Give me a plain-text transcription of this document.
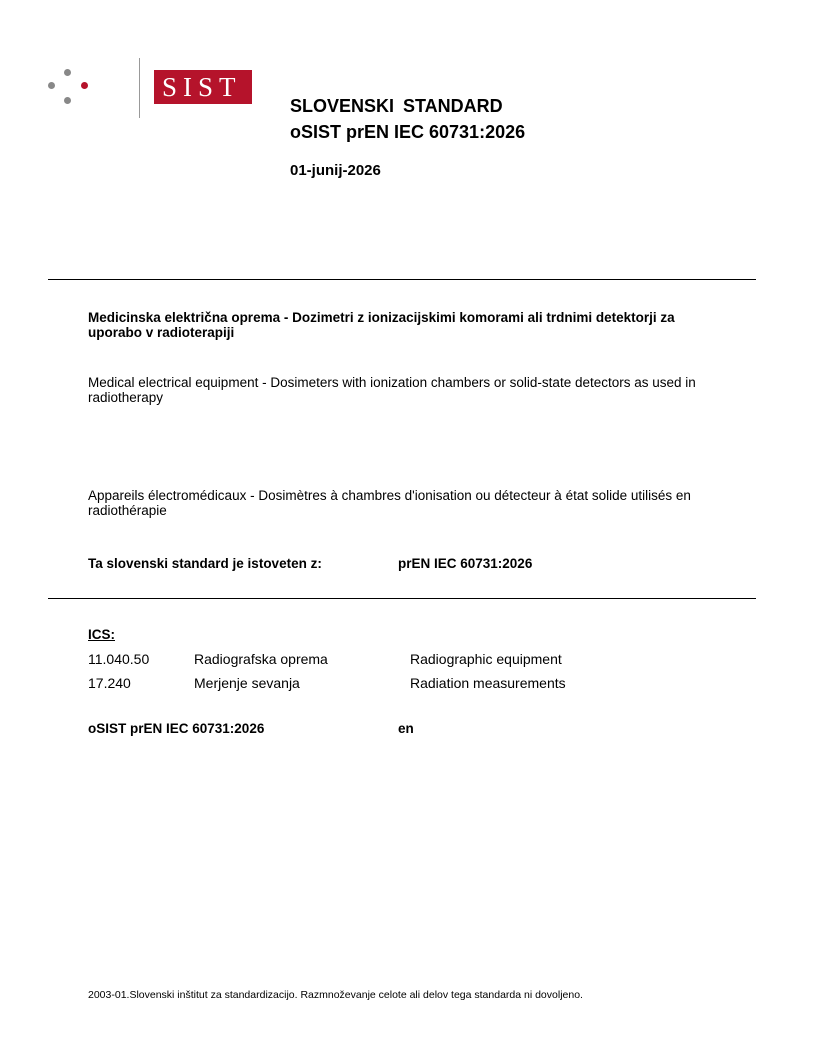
SIST
SLOVENSKI STANDARD
oSIST prEN IEC 60731:2026
01-junij-2026
Medicinska električna oprema - Dozimetri z ionizacijskimi komorami ali trdnimi detektorji za uporabo v radioterapiji
Medical electrical equipment - Dosimeters with ionization chambers or solid-state detectors as used in radiotherapy
Appareils électromédicaux - Dosimètres à chambres d'ionisation ou détecteur à état solide utilisés en radiothérapie
Ta slovenski standard je istoveten z:	prEN IEC 60731:2026
ICS:
11.040.50	Radiografska oprema	Radiographic equipment
17.240	Merjenje sevanja	Radiation measurements
oSIST prEN IEC 60731:2026	en
2003-01.Slovenski inštitut za standardizacijo. Razmnoževanje celote ali delov tega standarda ni dovoljeno.
